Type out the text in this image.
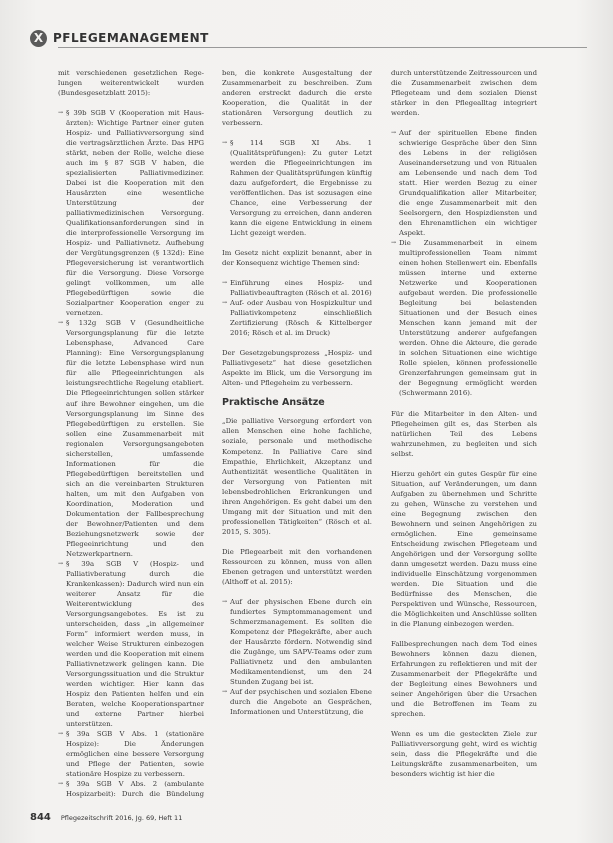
X PFLEGEMANAGEMENT

mit verschiedenen gesetzlichen Regelungen weiterentwickelt wurden (Bundesgesetzblatt 2015):

→ § 39b SGB V (Kooperation mit Hausärzten): Wichtige Partner einer guten Hospiz- und Palliativversorgung sind die vertragsärztlichen Ärzte. Das HPG stärkt, neben der Rolle, welche diese auch im § 87 SGB V haben, die spezialisierten Palliativmediziner. Dabei ist die Kooperation mit den Hausärzten eine wesentliche Unterstützung der palliativmedizinischen Versorgung. Qualifikationsanforderungen sind in die interprofessionelle Versorgung im Hospiz- und Palliativnetz. Aufhebung der Vergütungsgrenzen (§ 132d): Eine Pflegeversicherung ist verantwortlich für die Versorgung. Diese Vorsorge gelingt vollkommen, um alle Pflegebedürftigen sowie die Sozialpartner Kooperation enger zu vernetzen.
→ § 132g SGB V (Gesundheitliche Versorgungsplanung für die letzte Lebensphase, Advanced Care Planning): Eine Versorgungsplanung für die letzte Lebensphase wird nun für alle Pflegeeinrichtungen als leistungsrechtliche Regelung etabliert. Die Pflegeeinrichtungen sollen stärker auf ihre Bewohner eingehen, um die Versorgungsplanung im Sinne des Pflegebedürftigen zu erstellen. Sie sollen eine Zusammenarbeit mit regionalen Versorgungsangeboten sicherstellen, umfassende Informationen für die Pflegebedürftigen bereitstellen und sich an die vereinbarten Strukturen halten, um mit den Aufgaben von Koordination, Moderation und Dokumentation der Fallbesprechung der Bewohner/Patienten und dem Beziehungsnetzwerk sowie der Pflegeeinrichtung und den Netzwerkpartnern.
→ § 39a SGB V (Hospiz- und Palliativberatung durch die Krankenkassen): Dadurch wird nun ein weiterer Ansatz für die Weiterentwicklung des Versorgungsangebotes. Es ist zu unterscheiden, dass „in allgemeiner Form“ informiert werden muss, in welcher Weise Strukturen einbezogen werden und die Kooperation mit einem Palliativnetzwerk gelingen kann. Die Versorgungssituation und die Struktur werden wichtiger. Hier kann das Hospiz den Patienten helfen und ein Beraten, welche Kooperationspartner und externe Partner hierbei unterstützen.
→ § 39a SGB V Abs. 1 (stationäre Hospize): Die Änderungen ermöglichen eine bessere Versorgung und Pflege der Patienten, sowie stationäre Hospize zu verbessern.
→ § 39a SGB V Abs. 2 (ambulante Hospizarbeit): Durch die Bündelung

ben, die konkrete Ausgestaltung der Zusammenarbeit zu beschreiben. Zum anderen erstreckt dadurch die erste Kooperation, die Qualität in der stationären Versorgung deutlich zu verbessern.

→ § 114 SGB XI Abs. 1 (Qualitätsprüfungen): Zu guter Letzt werden die Pflegeeinrichtungen im Rahmen der Qualitätsprüfungen künftig dazu aufgefordert, die Ergebnisse zu veröffentlichen. Das ist sozusagen eine Chance, eine Verbesserung der Versorgung zu erreichen, dann anderen kann die eigene Entwicklung in einem Licht gezeigt werden.

Im Gesetz nicht explizit benannt, aber in der Konsequenz wichtige Themen sind:

→ Einführung eines Hospiz- und Palliativbeauftragten (Rösch et al. 2016)
→ Auf- oder Ausbau von Hospizkultur und Palliativkompetenz einschließlich Zertifizierung (Rösch & Kittelberger 2016; Rösch et al. im Druck)

Der Gesetzgebungsprozess „Hospiz- und Palliativgesetz“ hat diese gesetzlichen Aspekte im Blick, um die Versorgung im Alten- und Pflegeheim zu verbessern.

Praktische Ansätze

„Die palliative Versorgung erfordert von allen Menschen eine hohe fachliche, soziale, personale und methodische Kompetenz. In Palliative Care sind Empathie, Ehrlichkeit, Akzeptanz und Authentizität wesentliche Qualitäten in der Versorgung von Patienten mit lebensbedrohlichen Erkrankungen und ihren Angehörigen. Es geht dabei um den Umgang mit der Situation und mit den professionellen Tätigkeiten“ (Rösch et al. 2015, S. 305).

Die Pflegearbeit mit den vorhandenen Ressourcen zu können, muss von allen Ebenen getragen und unterstützt werden (Althoff et al. 2015):

→ Auf der physischen Ebene durch ein fundiertes Symptommanagement und Schmerzmanagement. Es sollten die Kompetenz der Pflegekräfte, aber auch der Hausärzte fördern. Notwendig sind die Zugänge, um SAPV-Teams oder zum Palliativnetz und den ambulanten Medikamentendienst, um den 24 Stunden Zugang bei ist.
→ Auf der psychischen und sozialen Ebene durch die Angebote an Gesprächen, Informationen und Unterstützung, die

durch unterstützende Zeitressourcen und die Zusammenarbeit zwischen dem Pflegeteam und dem sozialen Dienst stärker in den Pflegealltag integriert werden.

→ Auf der spirituellen Ebene finden schwierige Gespräche über den Sinn des Lebens in der religiösen Auseinandersetzung und von Ritualen am Lebensende und nach dem Tod statt. Hier werden Bezug zu einer Grundqualifikation aller Mitarbeiter, die enge Zusammenarbeit mit den Seelsorgern, den Hospizdiensten und den Ehrenamtlichen ein wichtiger Aspekt.
→ Die Zusammenarbeit in einem multiprofessionellen Team nimmt einen hohen Stellenwert ein. Ebenfalls müssen interne und externe Netzwerke und Kooperationen aufgebaut werden. Die professionelle Begleitung bei belastenden Situationen und der Besuch eines Menschen kann jemand mit der Unterstützung anderer aufgefangen werden. Ohne die Akteure, die gerade in solchen Situationen eine wichtige Rolle spielen, können professionelle Grenzerfahrungen gemeinsam gut in der Begegnung ermöglicht werden (Schwermann 2016).

Für die Mitarbeiter in den Alten- und Pflegeheimen gilt es, das Sterben als natürlichen Teil des Lebens wahrzunehmen, zu begleiten und sich selbst.

Hierzu gehört ein gutes Gespür für eine Situation, auf Veränderungen, um dann Aufgaben zu übernehmen und Schritte zu gehen, Wünsche zu verstehen und eine Begegnung zwischen den Bewohnern und seinen Angehörigen zu ermöglichen. Eine gemeinsame Entscheidung zwischen Pflegeteam und Angehörigen und der Versorgung sollte dann umgesetzt werden. Dazu muss eine individuelle Einschätzung vorgenommen werden. Die Situation und die Bedürfnisse des Menschen, die Perspektiven und Wünsche, Ressourcen, die Möglichkeiten und Anschlüsse sollten in die Planung einbezogen werden.

Fallbesprechungen nach dem Tod eines Bewohners können dazu dienen, Erfahrungen zu reflektieren und mit der Zusammenarbeit der Pflegekräfte und der Begleitung eines Bewohners und seiner Angehörigen über die Ursachen und die Betroffenen im Team zu sprechen.

Wenn es um die gesteckten Ziele zur Palliativversorgung geht, wird es wichtig sein, dass die Pflegekräfte und die Leitungskräfte zusammenarbeiten, um besonders wichtig ist hier die

844 Pflegezeitschrift 2016, Jg. 69, Heft 11
